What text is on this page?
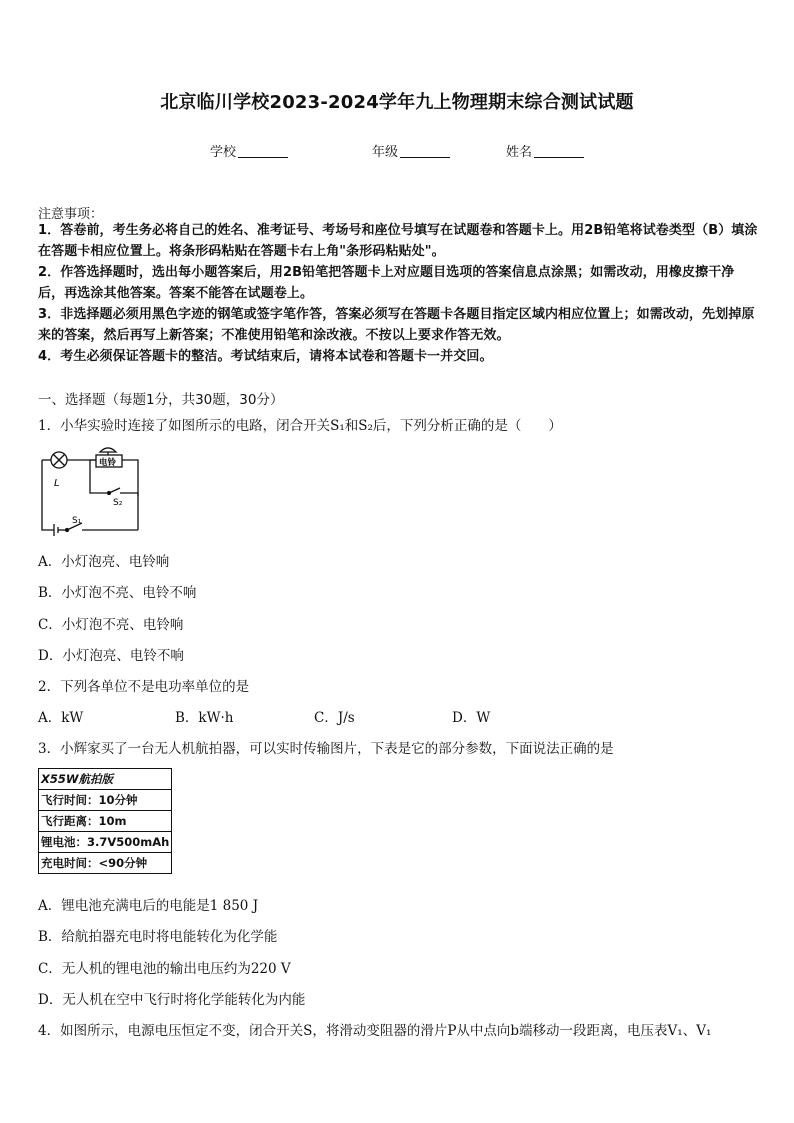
北京临川学校2023-2024学年九上物理期末综合测试试题
学校	年级	姓名
注意事项：
1．答卷前，考生务必将自己的姓名、准考证号、考场号和座位号填写在试题卷和答题卡上。用2B铅笔将试卷类型（B）填涂在答题卡相应位置上。将条形码粘贴在答题卡右上角"条形码粘贴处"。
2．作答选择题时，选出每小题答案后，用2B铅笔把答题卡上对应题目选项的答案信息点涂黑；如需改动，用橡皮擦干净后，再选涂其他答案。答案不能答在试题卷上。
3．非选择题必须用黑色字迹的钢笔或签字笔作答，答案必须写在答题卡各题目指定区域内相应位置上；如需改动，先划掉原来的答案，然后再写上新答案；不准使用铅笔和涂改液。不按以上要求作答无效。
4．考生必须保证答题卡的整洁。考试结束后，请将本试卷和答题卡一并交回。
一、选择题（每题1分，共30题，30分）
1．小华实验时连接了如图所示的电路，闭合开关S₁和S₂后，下列分析正确的是（　　）
L
电铃
S₂
S₁
A．小灯泡亮、电铃响
B．小灯泡不亮、电铃不响
C．小灯泡不亮、电铃响
D．小灯泡亮、电铃不响
2．下列各单位不是电功率单位的是
A．kW	B．kW·h	C．J/s	D．W
3．小辉家买了一台无人机航拍器，可以实时传输图片，下表是它的部分参数，下面说法正确的是
X55W航拍版
飞行时间：10分钟
飞行距离：10m
锂电池：3.7V500mAh
充电时间：<90分钟
A．锂电池充满电后的电能是1 850 J
B．给航拍器充电时将电能转化为化学能
C．无人机的锂电池的输出电压约为220 V
D．无人机在空中飞行时将化学能转化为内能
4．如图所示，电源电压恒定不变，闭合开关S，将滑动变阻器的滑片P从中点向b端移动一段距离，电压表V₁、V₁
